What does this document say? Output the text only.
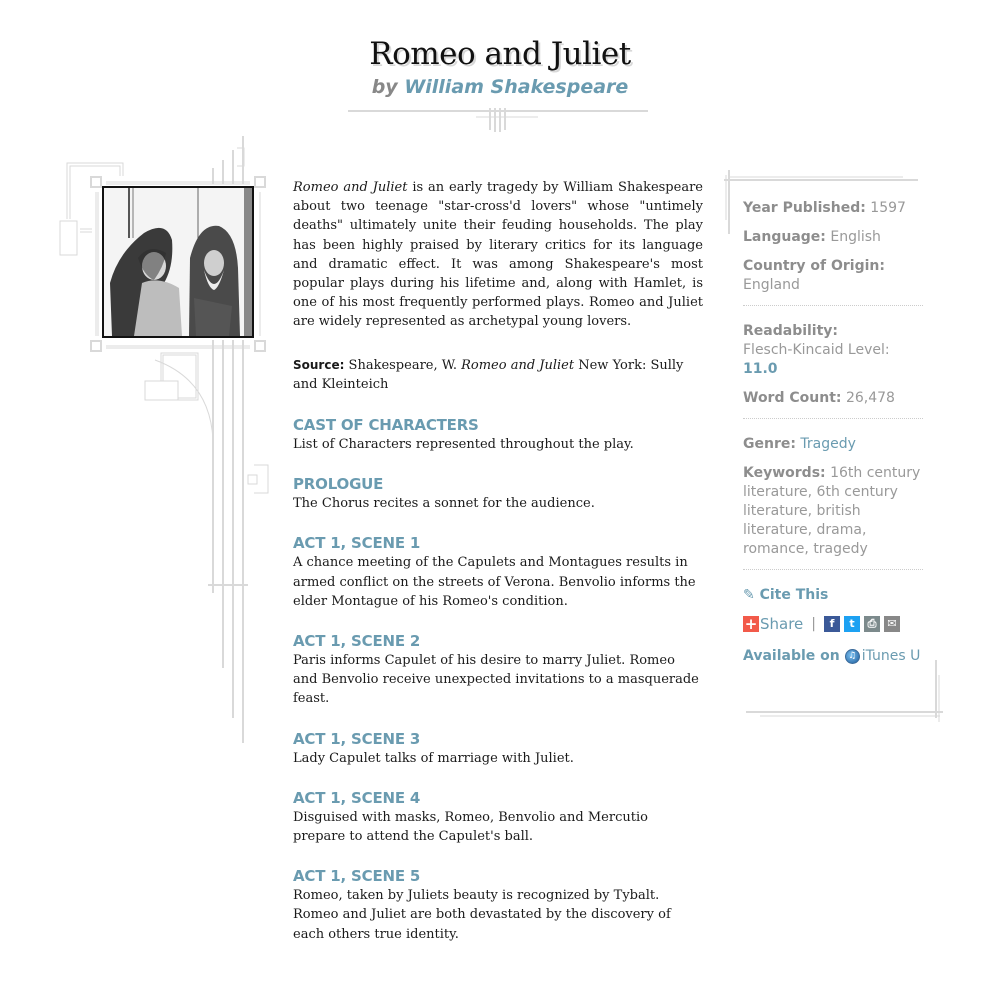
Romeo and Juliet
by William Shakespeare

Romeo and Juliet is an early tragedy by William Shakespeare about two teenage "star-cross'd lovers" whose "untimely deaths" ultimately unite their feuding households. The play has been highly praised by literary critics for its language and dramatic effect. It was among Shakespeare's most popular plays during his lifetime and, along with Hamlet, is one of his most frequently performed plays. Romeo and Juliet are widely represented as archetypal young lovers.

Source: Shakespeare, W. Romeo and Juliet New York: Sully and Kleinteich

CAST OF CHARACTERS
List of Characters represented throughout the play.
PROLOGUE
The Chorus recites a sonnet for the audience.
ACT 1, SCENE 1
A chance meeting of the Capulets and Montagues results in armed conflict on the streets of Verona. Benvolio informs the elder Montague of his Romeo's condition.
ACT 1, SCENE 2
Paris informs Capulet of his desire to marry Juliet. Romeo and Benvolio receive unexpected invitations to a masquerade feast.
ACT 1, SCENE 3
Lady Capulet talks of marriage with Juliet.
ACT 1, SCENE 4
Disguised with masks, Romeo, Benvolio and Mercutio prepare to attend the Capulet's ball.
ACT 1, SCENE 5
Romeo, taken by Juliets beauty is recognized by Tybalt. Romeo and Juliet are both devastated by the discovery of each others true identity.
Year Published: 1597
Language: English
Country of Origin:
England
Readability:
Flesch-Kincaid Level:
11.0
Word Count: 26,478
Genre: Tragedy
Keywords: 16th century literature, 6th century literature, british literature, drama, romance, tragedy
✎ Cite This
+ Share |	f	t	⎙ ✉
Available on ♫ iTunes U
